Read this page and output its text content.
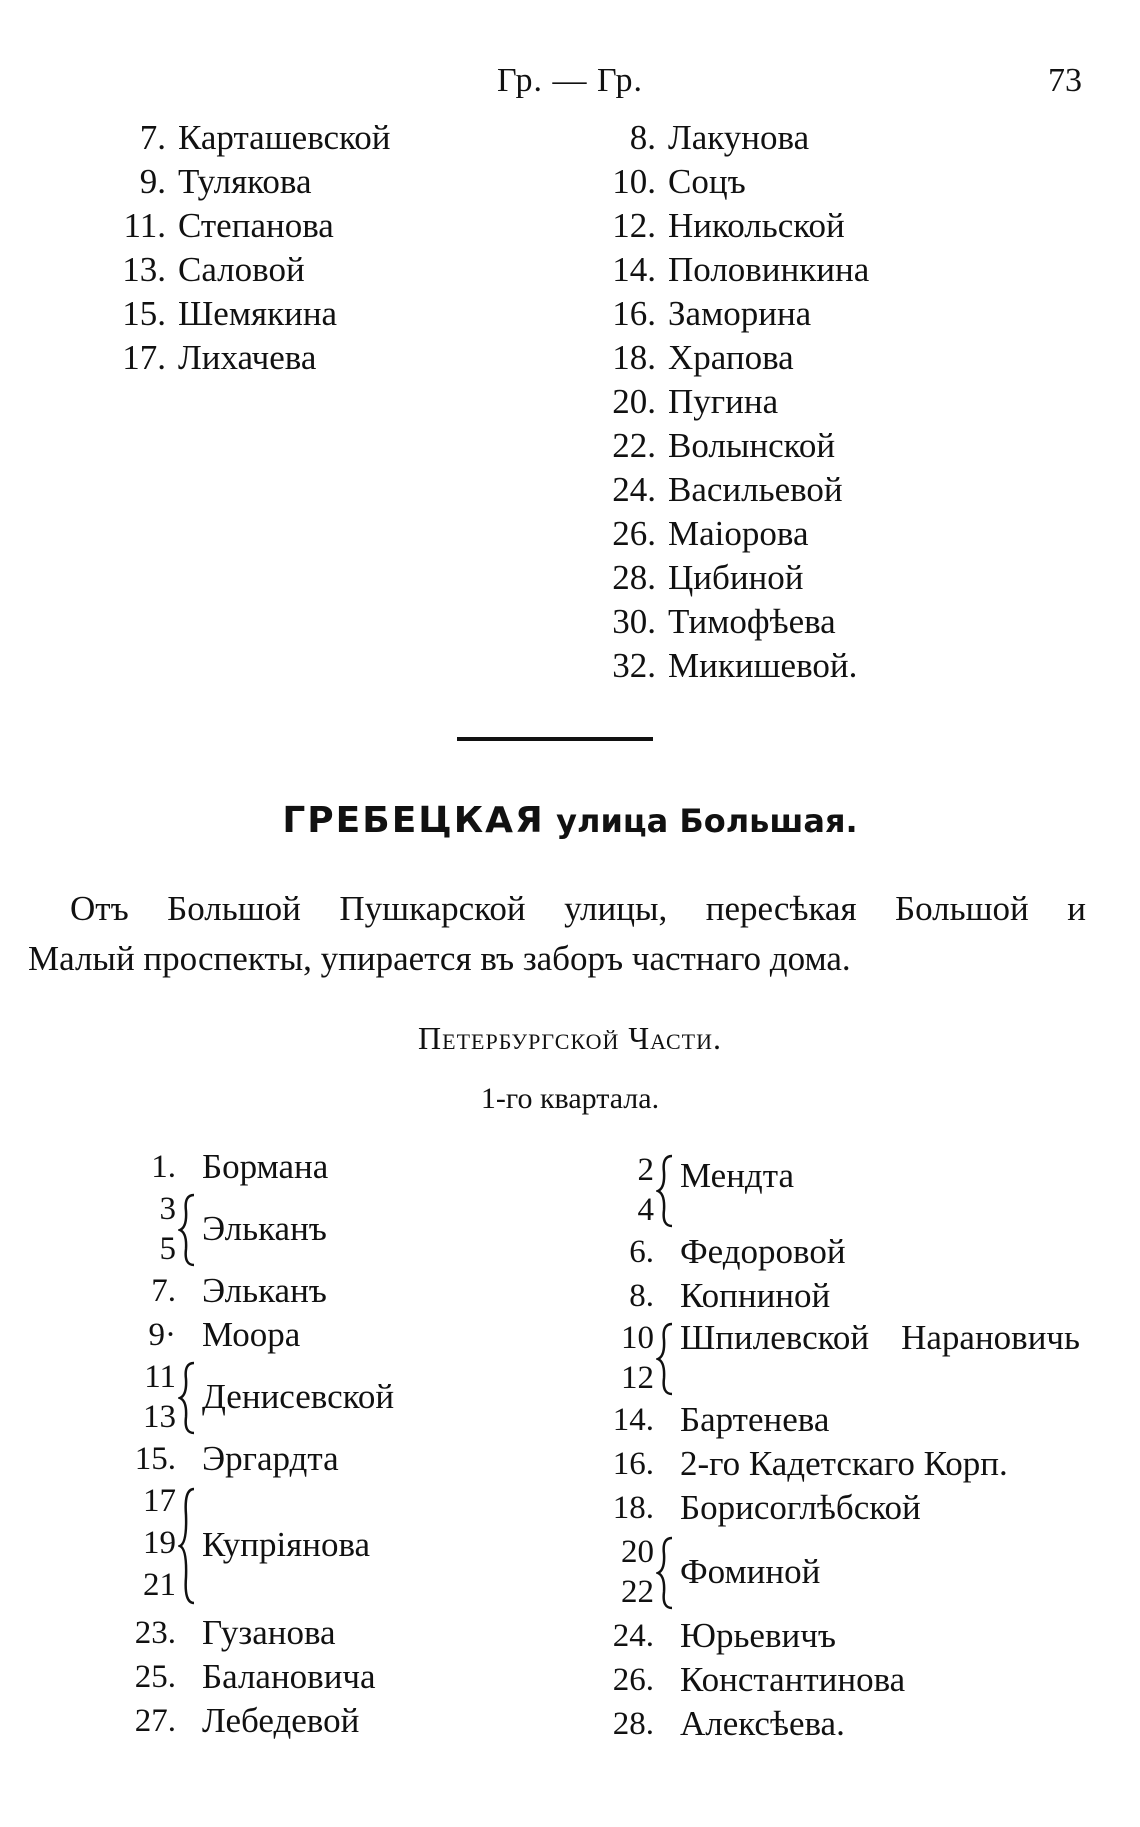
Гр. — Гр.	73
7. Карташевской
9. Тулякова
11. Степанова
13. Саловой
15. Шемякина
17. Лихачева
8. Лакунова
10. Соцъ
12. Никольской
14. Половинкина
16. Заморина
18. Храпова
20. Пугина
22. Волынской
24. Васильевой
26. Маiорова
28. Цибиной
30. Тимофѣева
32. Микишевой.
ГРЕБЕЦКАЯ улица Большая.
Отъ Большой Пушкарской улицы, пересѣкая Большой и
Малый проспекты, упирается въ заборъ частнаго дома.
Петербургской Части.
1-го квартала.
1. Бормана
3
5
Эльканъ
7. Эльканъ
9· Моора
11
13
Денисевской
15. Эргардта
17
19
21
Купрiянова
23. Гузанова
25. Балановича
27. Лебедевой
2
4
Мендта
6. Федоровой
8. Копниной
10
12
Шпилевской Нарановичь
14. Бартенева
16. 2-го Кадетскаго Корп.
18. Борисоглѣбской
20
22
Фоминой
24. Юрьевичъ
26. Константинова
28. Алексѣева.
